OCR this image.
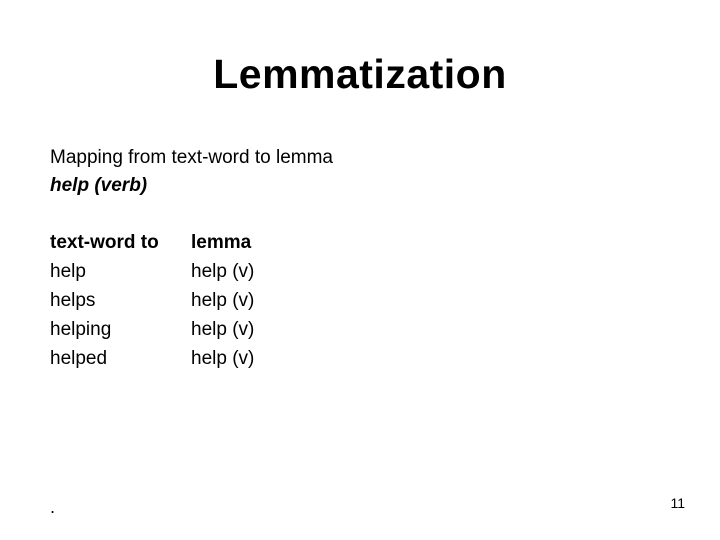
Lemmatization
Mapping from text-word to lemma
help (verb)
text-word to	lemma
help	help (v)
helps	help (v)
helping	help (v)
helped	help (v)
.	11
